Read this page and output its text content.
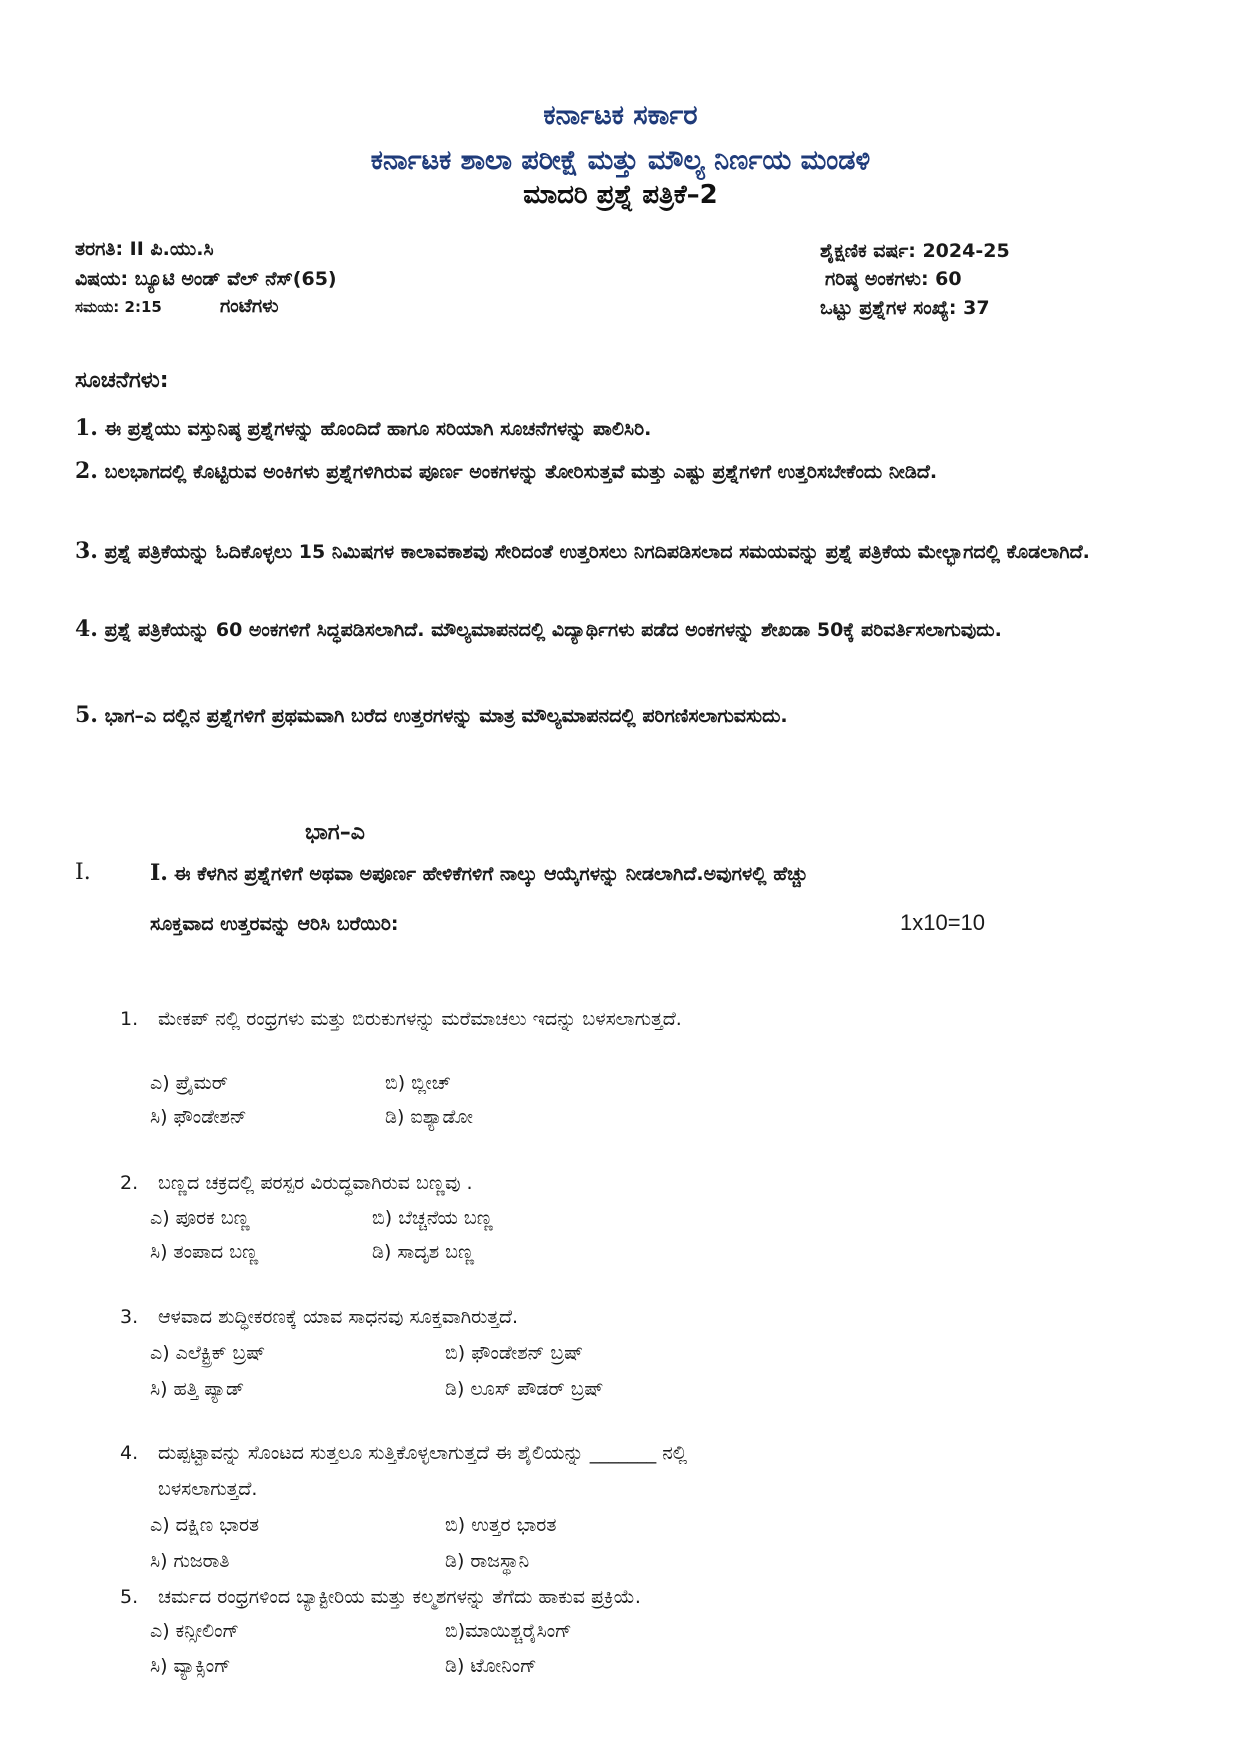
ಕರ್ನಾಟಕ ಸರ್ಕಾರ
ಕರ್ನಾಟಕ ಶಾಲಾ ಪರೀಕ್ಷೆ ಮತ್ತು ಮೌಲ್ಯ ನಿರ್ಣಯ ಮಂಡಳಿ
ಮಾದರಿ ಪ್ರಶ್ನೆ ಪತ್ರಿಕೆ–2
ತರಗತಿ: II ಪಿ.ಯು.ಸಿ	ಶೈಕ್ಷಣಿಕ ವರ್ಷ: 2024-25
ವಿಷಯ: ಬ್ಯೂಟಿ ಅಂಡ್ ವೆಲ್ ನೆಸ್(65)	ಗರಿಷ್ಠ ಅಂಕಗಳು: 60
ಸಮಯ: 2:15	ಗಂಟೆಗಳು	ಒಟ್ಟು ಪ್ರಶ್ನೆಗಳ ಸಂಖ್ಯೆ: 37
ಸೂಚನೆಗಳು:
1. ಈ ಪ್ರಶ್ನೆಯು ವಸ್ತುನಿಷ್ಠ ಪ್ರಶ್ನೆಗಳನ್ನು ಹೊಂದಿದೆ ಹಾಗೂ ಸರಿಯಾಗಿ ಸೂಚನೆಗಳನ್ನು ಪಾಲಿಸಿರಿ.
2. ಬಲಭಾಗದಲ್ಲಿ ಕೊಟ್ಟಿರುವ ಅಂಕಿಗಳು ಪ್ರಶ್ನೆಗಳಿಗಿರುವ ಪೂರ್ಣ ಅಂಕಗಳನ್ನು ತೋರಿಸುತ್ತವೆ ಮತ್ತು ಎಷ್ಟು ಪ್ರಶ್ನೆಗಳಿಗೆ ಉತ್ತರಿಸಬೇಕೆಂದು ನೀಡಿದೆ.
3. ಪ್ರಶ್ನೆ ಪತ್ರಿಕೆಯನ್ನು ಓದಿಕೊಳ್ಳಲು 15 ನಿಮಿಷಗಳ ಕಾಲಾವಕಾಶವು ಸೇರಿದಂತೆ ಉತ್ತರಿಸಲು ನಿಗದಿಪಡಿಸಲಾದ ಸಮಯವನ್ನು ಪ್ರಶ್ನೆ ಪತ್ರಿಕೆಯ ಮೇಲ್ಭಾಗದಲ್ಲಿ ಕೊಡಲಾಗಿದೆ.
4. ಪ್ರಶ್ನೆ ಪತ್ರಿಕೆಯನ್ನು 60 ಅಂಕಗಳಿಗೆ ಸಿದ್ಧಪಡಿಸಲಾಗಿದೆ. ಮೌಲ್ಯಮಾಪನದಲ್ಲಿ ವಿದ್ಯಾರ್ಥಿಗಳು ಪಡೆದ ಅಂಕಗಳನ್ನು ಶೇಖಡಾ 50ಕ್ಕೆ ಪರಿವರ್ತಿಸಲಾಗುವುದು.
5. ಭಾಗ–ಎ ದಲ್ಲಿನ ಪ್ರಶ್ನೆಗಳಿಗೆ ಪ್ರಥಮವಾಗಿ ಬರೆದ ಉತ್ತರಗಳನ್ನು ಮಾತ್ರ ಮೌಲ್ಯಮಾಪನದಲ್ಲಿ ಪರಿಗಣಿಸಲಾಗುವಸುದು.
ಭಾಗ–ಎ
I.	I. ಈ ಕೆಳಗಿನ ಪ್ರಶ್ನೆಗಳಿಗೆ ಅಥವಾ ಅಪೂರ್ಣ ಹೇಳಿಕೆಗಳಿಗೆ ನಾಲ್ಕು ಆಯ್ಕೆಗಳನ್ನು ನೀಡಲಾಗಿದೆ.ಅವುಗಳಲ್ಲಿ ಹೆಚ್ಚು
ಸೂಕ್ತವಾದ ಉತ್ತರವನ್ನು ಆರಿಸಿ ಬರೆಯಿರಿ:	1x10=10
1. ಮೇಕಪ್ ನಲ್ಲಿ ರಂಧ್ರಗಳು ಮತ್ತು ಬಿರುಕುಗಳನ್ನು ಮರೆಮಾಚಲು ಇದನ್ನು ಬಳಸಲಾಗುತ್ತದೆ.
ಎ) ಪ್ರೈಮರ್	ಬಿ) ಬ್ಲೀಚ್
ಸಿ) ಫೌಂಡೇಶನ್	ಡಿ) ಐಶ್ಯಾಡೋ
2. ಬಣ್ಣದ ಚಕ್ರದಲ್ಲಿ ಪರಸ್ಪರ ವಿರುದ್ಧವಾಗಿರುವ ಬಣ್ಣವು .
ಎ) ಪೂರಕ ಬಣ್ಣ	ಬಿ) ಬೆಚ್ಚನೆಯ ಬಣ್ಣ
ಸಿ) ತಂಪಾದ ಬಣ್ಣ	ಡಿ) ಸಾದೃಶ ಬಣ್ಣ
3. ಆಳವಾದ ಶುದ್ಧೀಕರಣಕ್ಕೆ ಯಾವ ಸಾಧನವು ಸೂಕ್ತವಾಗಿರುತ್ತದೆ.
ಎ) ಎಲೆಕ್ಟ್ರಿಕ್ ಬ್ರಷ್	ಬಿ) ಫೌಂಡೇಶನ್ ಬ್ರಷ್
ಸಿ) ಹತ್ತಿ ಪ್ಯಾಡ್	ಡಿ) ಲೂಸ್ ಪೌಡರ್ ಬ್ರಷ್
4. ದುಪ್ಪಟ್ಟಾವನ್ನು ಸೊಂಟದ ಸುತ್ತಲೂ ಸುತ್ತಿಕೊಳ್ಳಲಾಗುತ್ತದೆ ಈ ಶೈಲಿಯನ್ನು _______ ನಲ್ಲಿ
ಬಳಸಲಾಗುತ್ತದೆ.
ಎ) ದಕ್ಷಿಣ ಭಾರತ	ಬಿ) ಉತ್ತರ ಭಾರತ
ಸಿ) ಗುಜರಾತಿ	ಡಿ) ರಾಜಸ್ಥಾನಿ
5. ಚರ್ಮದ ರಂಧ್ರಗಳಿಂದ ಬ್ಯಾಕ್ಟೀರಿಯ ಮತ್ತು ಕಲ್ಮಶಗಳನ್ನು ತೆಗೆದು ಹಾಕುವ ಪ್ರಕ್ರಿಯೆ.
ಎ) ಕನ್ಸೀಲಿಂಗ್	ಬಿ)ಮಾಯಿಶ್ಚರೈಸಿಂಗ್
ಸಿ) ವ್ಯಾಕ್ಸಿಂಗ್	ಡಿ) ಟೋನಿಂಗ್
